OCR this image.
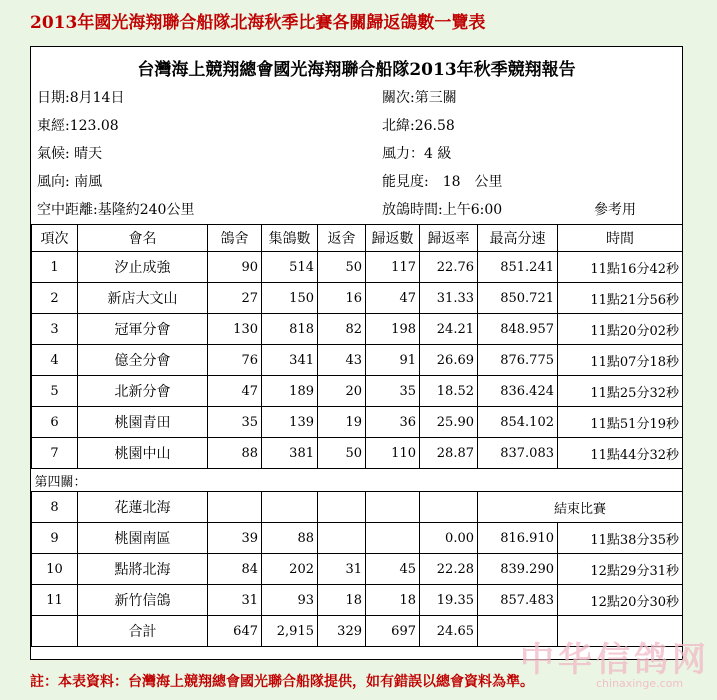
2013年國光海翔聯合船隊北海秋季比賽各關歸返鴿數一覽表
台灣海上競翔總會國光海翔聯合船隊2013年秋季競翔報告
日期:8月14日	關次:第三關
東經:123.08	北緯:26.58
氣候: 晴天	風力：4 級
風向: 南風	能見度:　18　公里
空中距離:基隆約240公里	放鴿時間:上午6:00	參考用
項次	會名	鴿舍	集鴿數	返舍	歸返數	歸返率	最高分速	時間
1	汐止成強	90	514	50	117	22.76	851.241	11點16分42秒
2	新店大文山	27	150	16	47	31.33	850.721	11點21分56秒
3	冠軍分會	130	818	82	198	24.21	848.957	11點20分02秒
4	億全分會	76	341	43	91	26.69	876.775	11點07分18秒
5	北新分會	47	189	20	35	18.52	836.424	11點25分32秒
6	桃園青田	35	139	19	36	25.90	854.102	11點51分19秒
7	桃園中山	88	381	50	110	28.87	837.083	11點44分32秒
第四關：								
8	花蓮北海						結束比賽	
9	桃園南區	39	88			0.00	816.910	11點38分35秒
10	點將北海	84	202	31	45	22.28	839.290	12點29分31秒
11	新竹信鴿	31	93	18	18	19.35	857.483	12點20分30秒
	合計	647	2,915	329	697	24.65		
中华信鸽网
chinaxinge.com
註：本表資料：台灣海上競翔總會國光聯合船隊提供，如有錯誤以總會資料為準。
